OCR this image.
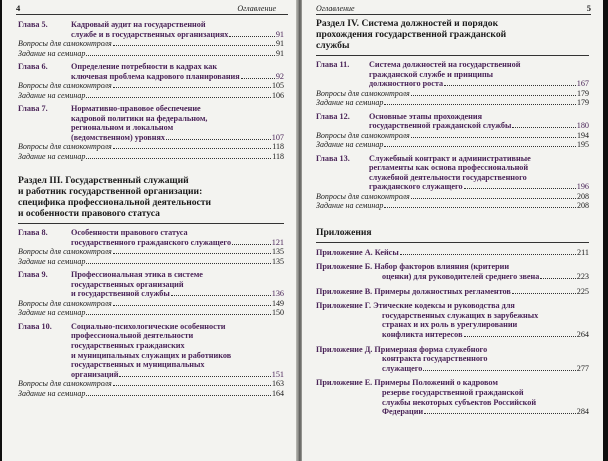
4	Оглавление
Глава 5.	Кадровый аудит на государственной
службе и в государственных организациях	91
Вопросы для самоконтроля	91
Задание на семинар	91
Глава 6.	Определение потребности в кадрах как
ключевая проблема кадрового планирования	92
Вопросы для самоконтроля	105
Задание на семинар	106
Глава 7.	Нормативно-правовое обеспечение
кадровой политики на федеральном,
региональном и локальном
(ведомственном) уровнях	107
Вопросы для самоконтроля	118
Задание на семинар	118
Раздел III. Государственный служащий
и работник государственной организации:
специфика профессиональной деятельности
и особенности правового статуса
Глава 8.	Особенности правового статуса
государственного гражданского служащего	121
Вопросы для самоконтроля	135
Задание на семинар	135
Глава 9.	Профессиональная этика в системе
государственных организаций
и государственной службы	136
Вопросы для самоконтроля	149
Задание на семинар	150
Глава 10.	Социально-психологические особенности
профессиональной деятельности
государственных гражданских
и муниципальных служащих и работников
государственных и муниципальных
организаций	151
Вопросы для самоконтроля	163
Задание на семинар	164
Оглавление	5
Раздел IV. Система должностей и порядок
прохождения государственной гражданской
службы
Глава 11.	Система должностей на государственной
гражданской службе и принципы
должностного роста	167
Вопросы для самоконтроля	179
Задание на семинар	179
Глава 12.	Основные этапы прохождения
государственной гражданской службы	180
Вопросы для самоконтроля	194
Задание на семинар	195
Глава 13.	Служебный контракт и административные
регламенты как основа профессиональной
служебной деятельности государственного
гражданского служащего	196
Вопросы для самоконтроля	208
Задание на семинар	208
Приложения
Приложение А. Кейсы	211
Приложение Б. Набор факторов влияния (критерии
оценки) для руководителей среднего звена	223
Приложение В. Примеры должностных регламентов	225
Приложение Г. Этические кодексы и руководства для
государственных служащих в зарубежных
странах и их роль в урегулировании
конфликта интересов	264
Приложение Д. Примерная форма служебного
контракта государственного
служащего	277
Приложение Е. Примеры Положений о кадровом
резерве государственной гражданской
службы некоторых субъектов Российской
Федерации	284
